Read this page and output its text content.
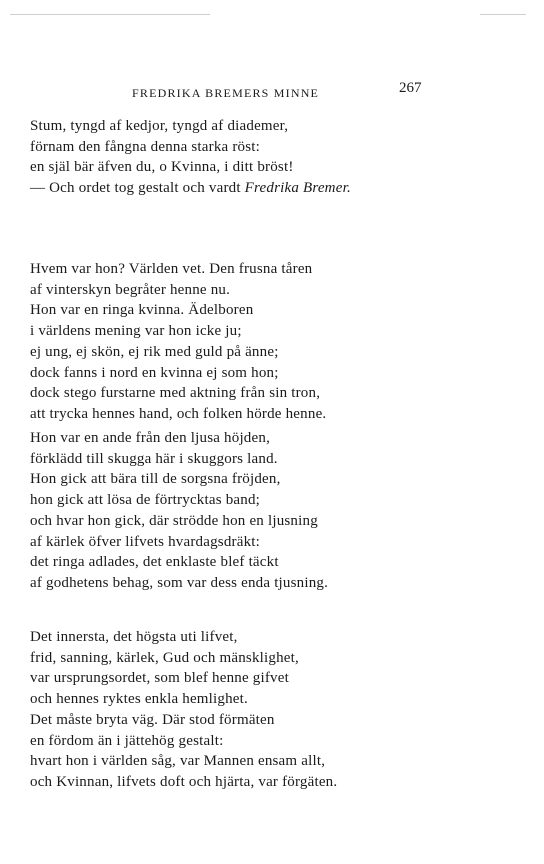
FREDRIKA BREMERS MINNE	267
Stum, tyngd af kedjor, tyngd af diademer,
förnam den fångna denna starka röst:
en själ bär äfven du, o Kvinna, i ditt bröst!
— Och ordet tog gestalt och vardt Fredrika Bremer.
Hvem var hon? Världen vet. Den frusna tåren
af vinterskyn begråter henne nu.
Hon var en ringa kvinna. Ädelboren
i världens mening var hon icke ju;
ej ung, ej skön, ej rik med guld på änne;
dock fanns i nord en kvinna ej som hon;
dock stego furstarne med aktning från sin tron,
att trycka hennes hand, och folken hörde henne.
Hon var en ande från den ljusa höjden,
förklädd till skugga här i skuggors land.
Hon gick att bära till de sorgsna fröjden,
hon gick att lösa de förtrycktas band;
och hvar hon gick, där strödde hon en ljusning
af kärlek öfver lifvets hvardagsdräkt:
det ringa adlades, det enklaste blef täckt
af godhetens behag, som var dess enda tjusning.
Det innersta, det högsta uti lifvet,
frid, sanning, kärlek, Gud och mänsklighet,
var ursprungsordet, som blef henne gifvet
och hennes ryktes enkla hemlighet.
Det måste bryta väg. Där stod förmäten
en fördom än i jättehög gestalt:
hvart hon i världen såg, var Mannen ensam allt,
och Kvinnan, lifvets doft och hjärta, var förgäten.
